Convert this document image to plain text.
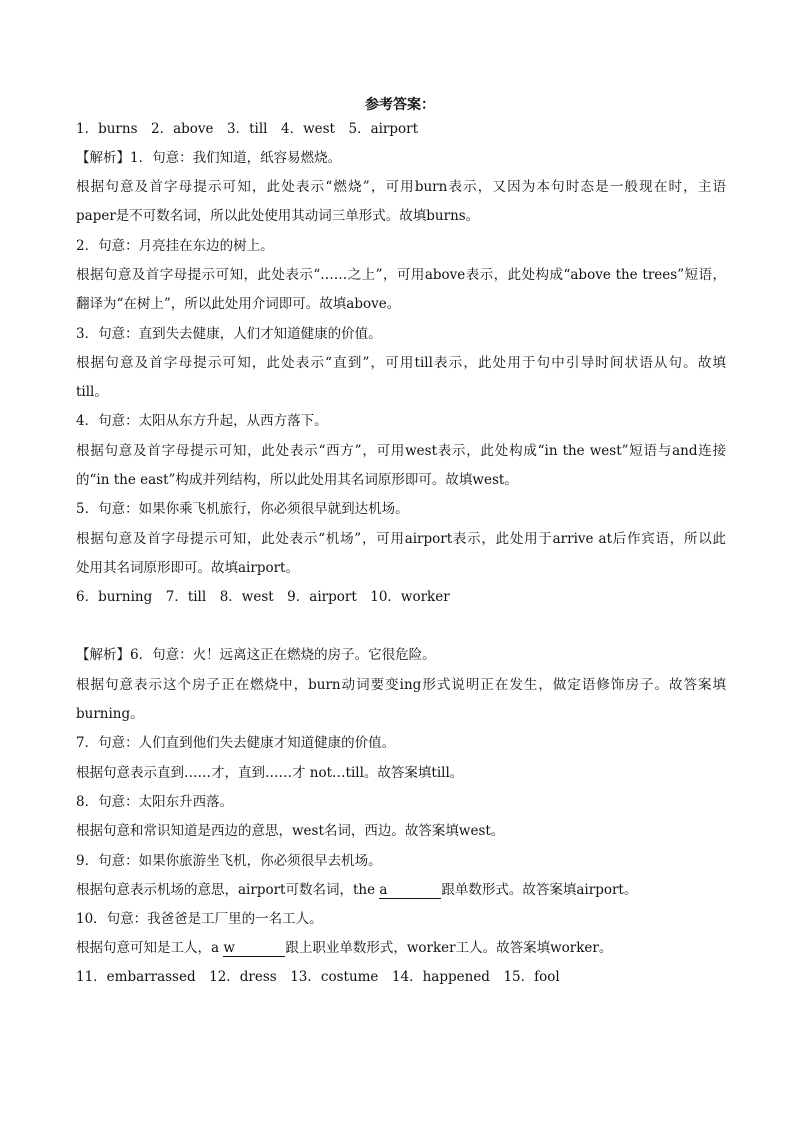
参考答案：
1．burns　2．above　3．till　4．west　5．airport
【解析】1．句意：我们知道，纸容易燃烧。
根据句意及首字母提示可知，此处表示“燃烧”，可用burn表示，又因为本句时态是一般现在时，主语
paper是不可数名词，所以此处使用其动词三单形式。故填burns。
2．句意：月亮挂在东边的树上。
根据句意及首字母提示可知，此处表示“……之上”，可用above表示，此处构成“above the trees”短语，
翻译为“在树上”，所以此处用介词即可。故填above。
3．句意：直到失去健康，人们才知道健康的价值。
根据句意及首字母提示可知，此处表示“直到”，可用till表示，此处用于句中引导时间状语从句。故填
till。
4．句意：太阳从东方升起，从西方落下。
根据句意及首字母提示可知，此处表示“西方”，可用west表示，此处构成“in the west”短语与and连接
的“in the east”构成并列结构，所以此处用其名词原形即可。故填west。
5．句意：如果你乘飞机旅行，你必须很早就到达机场。
根据句意及首字母提示可知，此处表示“机场”，可用airport表示，此处用于arrive at后作宾语，所以此
处用其名词原形即可。故填airport。
6．burning　7．till　8．west　9．airport　10．worker
【解析】6．句意：火！远离这正在燃烧的房子。它很危险。
根据句意表示这个房子正在燃烧中，burn动词要变ing形式说明正在发生，做定语修饰房子。故答案填
burning。
7．句意：人们直到他们失去健康才知道健康的价值。
根据句意表示直到……才，直到……才 not…till。故答案填till。
8．句意：太阳东升西落。
根据句意和常识知道是西边的意思，west名词，西边。故答案填west。
9．句意：如果你旅游坐飞机，你必须很早去机场。
根据句意表示机场的意思，airport可数名词，the a	跟单数形式。故答案填airport。
10．句意：我爸爸是工厂里的一名工人。
根据句意可知是工人，a w	跟上职业单数形式，worker工人。故答案填worker。
11．embarrassed　12．dress　13．costume　14．happened　15．fool
